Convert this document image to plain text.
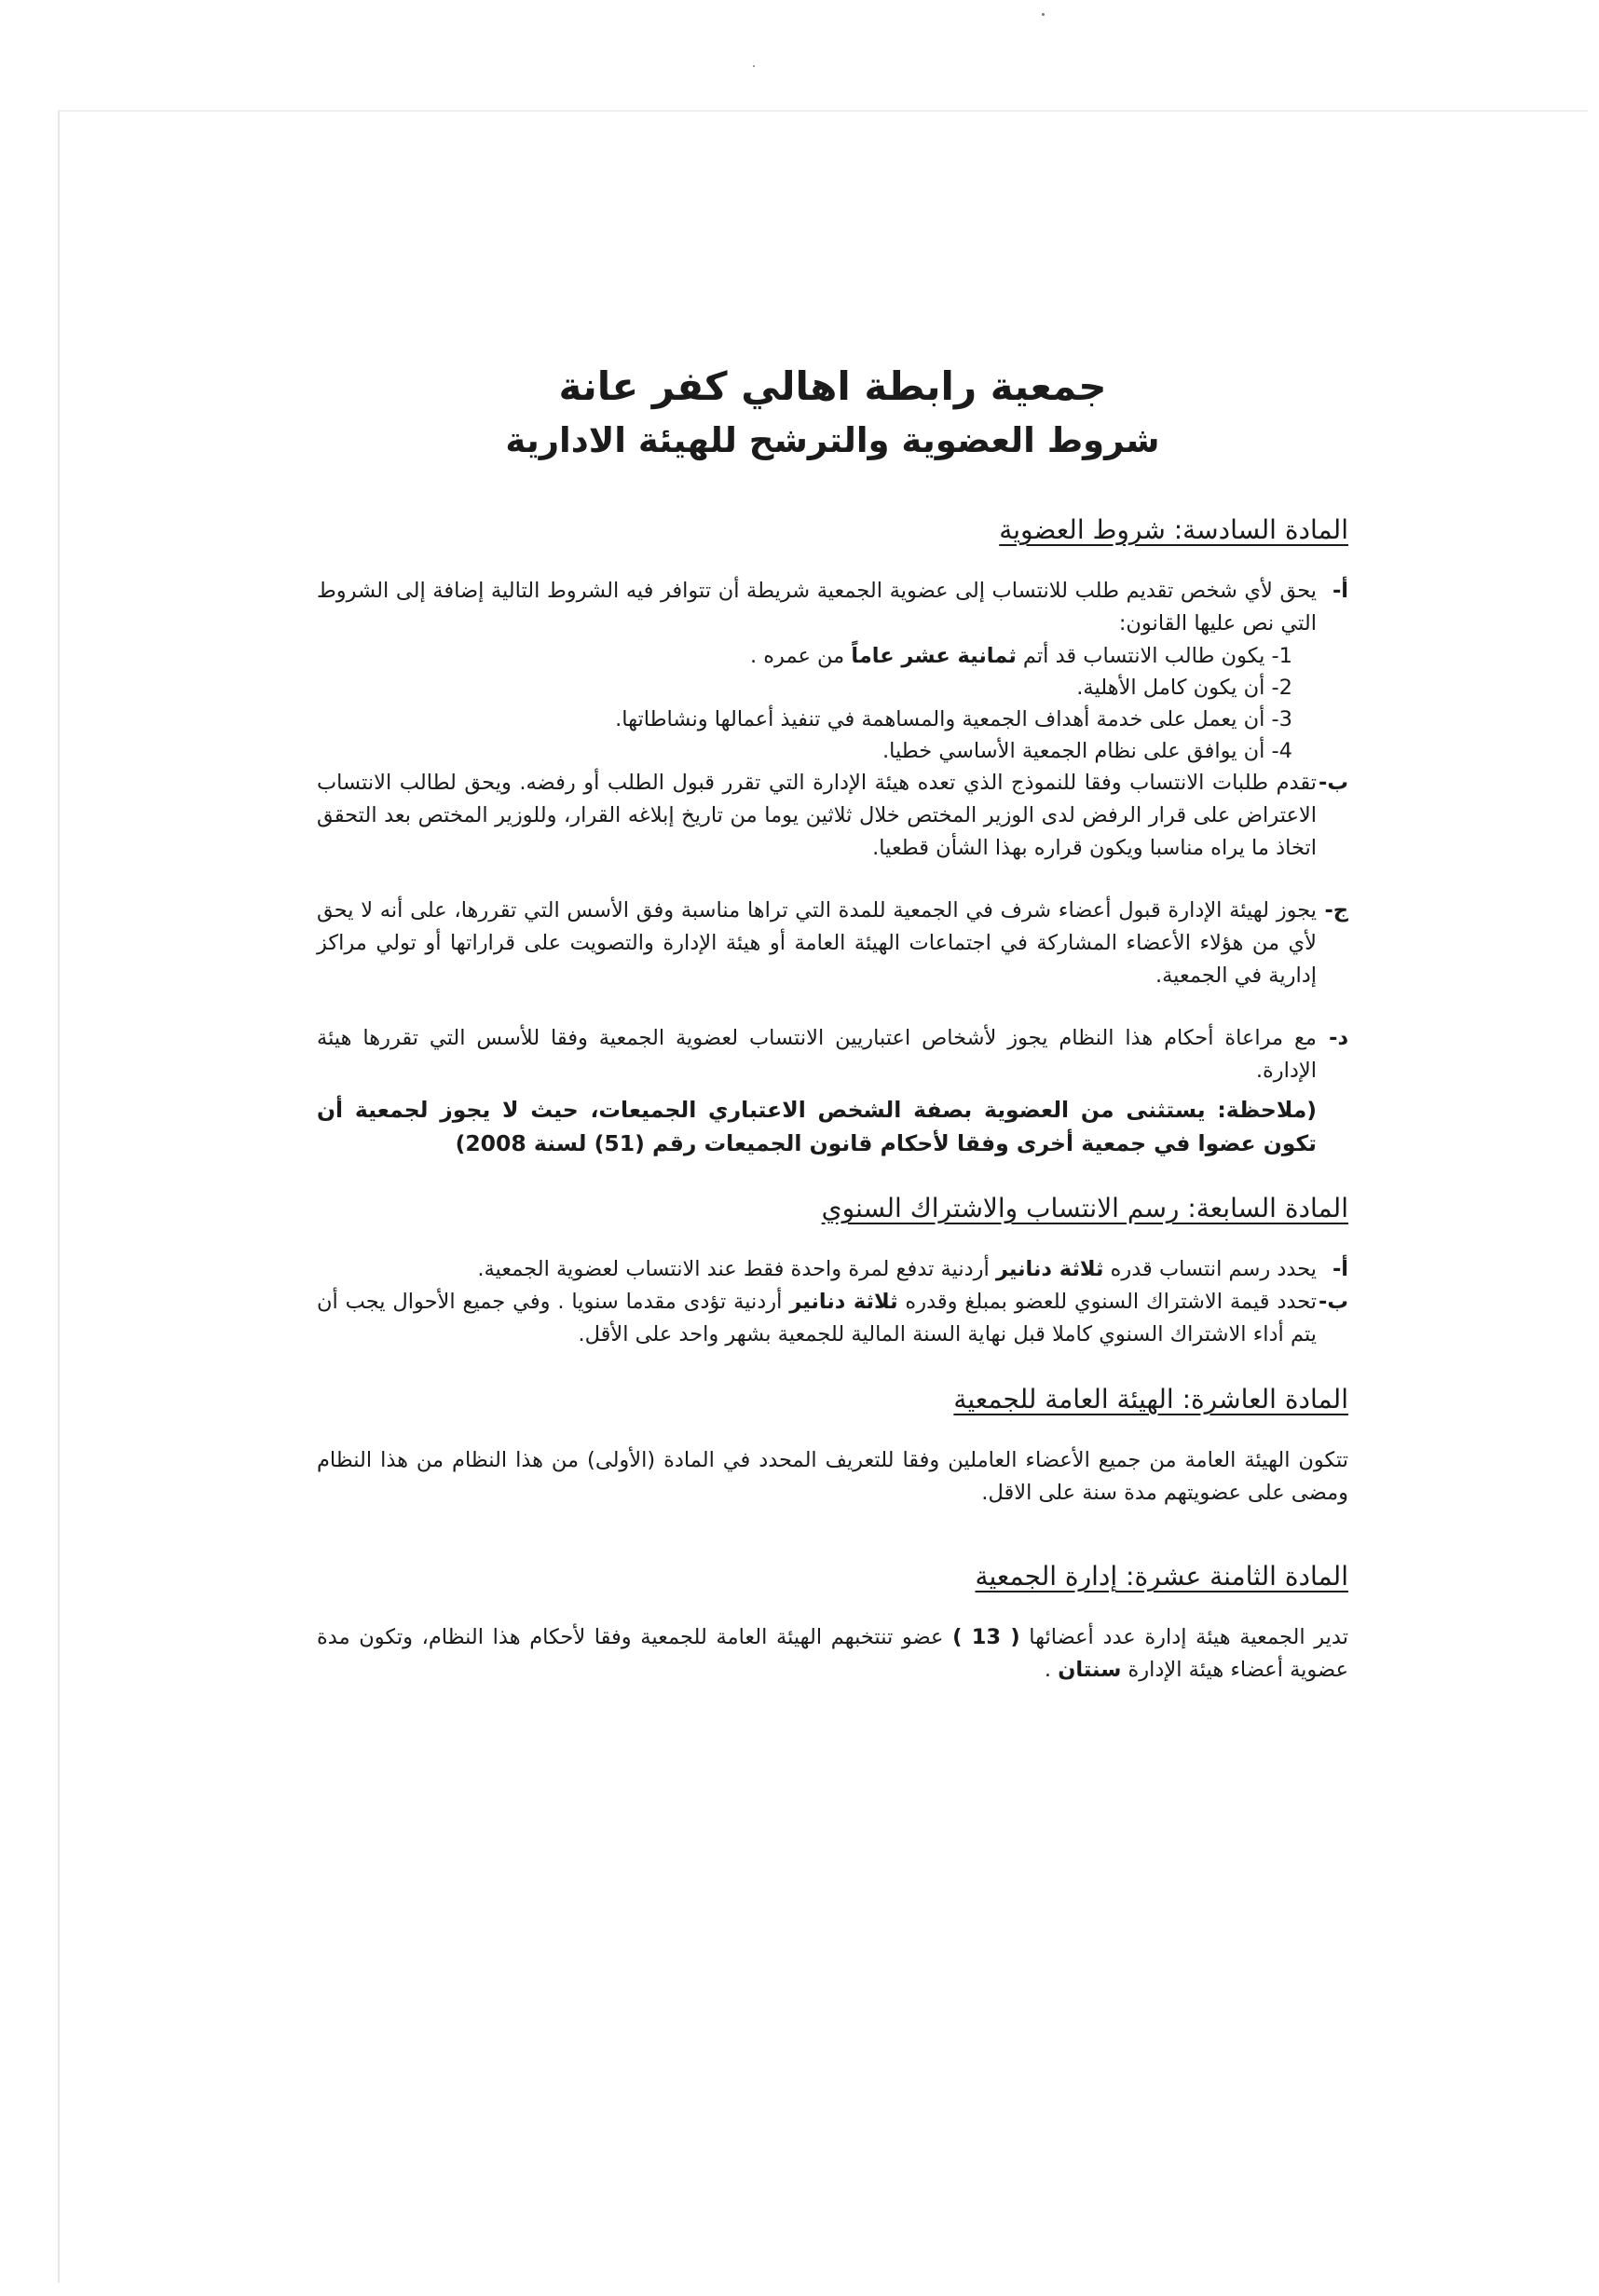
جمعية رابطة اهالي كفر عانة
شروط العضوية والترشح للهيئة الادارية
المادة السادسة: شروط العضوية
أ-
يحق لأي شخص تقديم طلب للانتساب إلى عضوية الجمعية شريطة أن تتوافر فيه الشروط التالية إضافة إلى الشروط التي نص عليها القانون:

1- يكون طالب الانتساب قد أتم ثمانية عشر عاماً من عمره .

2- أن يكون كامل الأهلية.

3- أن يعمل على خدمة أهداف الجمعية والمساهمة في تنفيذ أعمالها ونشاطاتها.

4- أن يوافق على نظام الجمعية الأساسي خطيا.

ب-
تقدم طلبات الانتساب وفقا للنموذج الذي تعده هيئة الإدارة التي تقرر قبول الطلب أو رفضه. ويحق لطالب الانتساب الاعتراض على قرار الرفض لدى الوزير المختص خلال ثلاثين يوما من تاريخ إبلاغه القرار، وللوزير المختص بعد التحقق اتخاذ ما يراه مناسبا ويكون قراره بهذا الشأن قطعيا.
ج-
يجوز لهيئة الإدارة قبول أعضاء شرف في الجمعية للمدة التي تراها مناسبة وفق الأسس التي تقررها، على أنه لا يحق لأي من هؤلاء الأعضاء المشاركة في اجتماعات الهيئة العامة أو هيئة الإدارة والتصويت على قراراتها أو تولي مراكز إدارية في الجمعية.
د-
مع مراعاة أحكام هذا النظام يجوز لأشخاص اعتباريين الانتساب لعضوية الجمعية وفقا للأسس التي تقررها هيئة الإدارة.

(ملاحظة: يستثنى من العضوية بصفة الشخص الاعتباري الجميعات، حيث لا يجوز لجمعية أن تكون عضوا في جمعية أخرى وفقا لأحكام قانون الجميعات رقم (51) لسنة 2008)

المادة السابعة: رسم الانتساب والاشتراك السنوي
أ-
يحدد رسم انتساب قدره ثلاثة دنانير أردنية تدفع لمرة واحدة فقط عند الانتساب لعضوية الجمعية.
ب-
تحدد قيمة الاشتراك السنوي للعضو بمبلغ وقدره ثلاثة دنانير أردنية تؤدى مقدما سنويا . وفي جميع الأحوال يجب أن يتم أداء الاشتراك السنوي كاملا قبل نهاية السنة المالية للجمعية بشهر واحد على الأقل.
المادة العاشرة: الهيئة العامة للجمعية

تتكون الهيئة العامة من جميع الأعضاء العاملين وفقا للتعريف المحدد في المادة (الأولى) من هذا النظام من هذا النظام ومضى على عضويتهم مدة سنة على الاقل.

المادة الثامنة عشرة: إدارة الجمعية

تدير الجمعية هيئة إدارة عدد أعضائها ( 13 ) عضو تنتخبهم الهيئة العامة للجمعية وفقا لأحكام هذا النظام، وتكون مدة عضوية أعضاء هيئة الإدارة سنتان .
